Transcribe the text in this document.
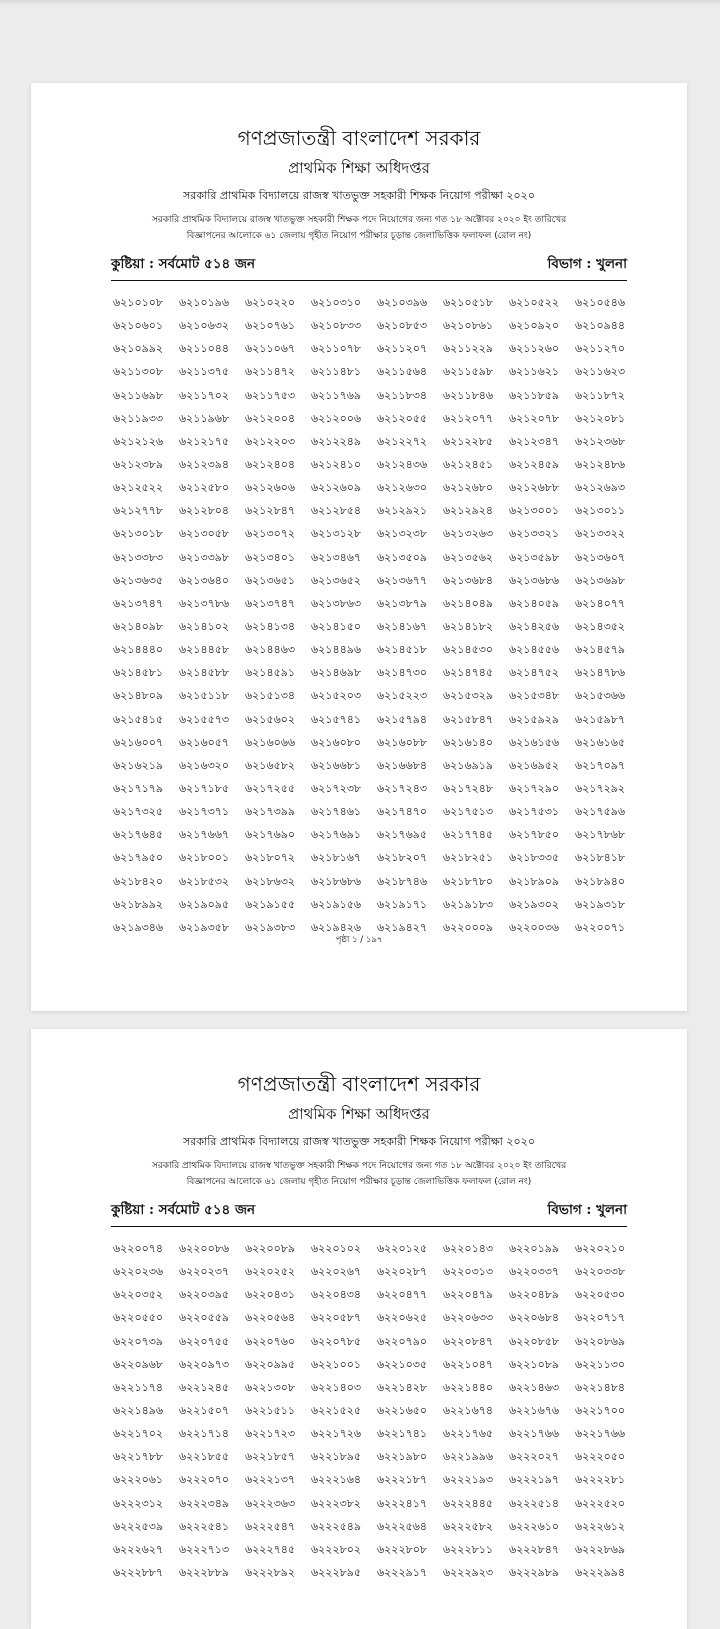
গণপ্রজাতন্ত্রী বাংলাদেশ সরকার
প্রাথমিক শিক্ষা অধিদপ্তর
সরকারি প্রাথমিক বিদ্যালয়ে রাজস্ব খাতভুক্ত সহকারী শিক্ষক নিয়োগ পরীক্ষা ২০২০
সরকারি প্রাথমিক বিদ্যালয়ে রাজস্ব খাতভুক্ত সহকারী শিক্ষক পদে নিয়োগের জন্য গত ১৮ অক্টোবর ২০২০ ইং তারিখের
বিজ্ঞাপনের আলোকে ৬১ জেলায় গৃহীত নিয়োগ পরীক্ষার চূড়ান্ত জেলাভিত্তিক ফলাফল (রোল নং)
কুষ্টিয়া : সর্বমোট ৫১৪ জন	বিভাগ : খুলনা
৬২১০১০৮	৬২১০১৯৬	৬২১০২২০	৬২১০৩১০	৬২১০৩৯৬	৬২১০৫১৮	৬২১০৫২২	৬২১০৫৪৬
৬২১০৬০১	৬২১০৬৩২	৬২১০৭৬১	৬২১০৮৩৩	৬২১০৮৫৩	৬২১০৮৬১	৬২১০৯২০	৬২১০৯৪৪
৬২১০৯৯২	৬২১১০৪৪	৬২১১০৬৭	৬২১১০৭৮	৬২১১২০৭	৬২১১২২৯	৬২১১২৬০	৬২১১২৭০
৬২১১৩০৮	৬২১১৩৭৫	৬২১১৪৭২	৬২১১৪৮১	৬২১১৫৬৪	৬২১১৫৯৮	৬২১১৬২১	৬২১১৬২৩
৬২১১৬৯৮	৬২১১৭০২	৬২১১৭৫৩	৬২১১৭৬৯	৬২১১৮৩৪	৬২১১৮৪৬	৬২১১৮৫৯	৬২১১৮৭২
৬২১১৯৩৩	৬২১১৯৬৮	৬২১২০০৪	৬২১২০০৬	৬২১২০৫৫	৬২১২০৭৭	৬২১২০৭৮	৬২১২০৮১
৬২১২১২৬	৬২১২১৭৫	৬২১২২০৩	৬২১২২৪৯	৬২১২২৭২	৬২১২২৮৫	৬২১২৩৪৭	৬২১২৩৬৮
৬২১২৩৮৯	৬২১২৩৯৪	৬২১২৪০৪	৬২১২৪১০	৬২১২৪৩৬	৬২১২৪৫১	৬২১২৪৫৯	৬২১২৪৮৬
৬২১২৫২২	৬২১২৫৮০	৬২১২৬০৬	৬২১২৬০৯	৬২১২৬৩০	৬২১২৬৮০	৬২১২৬৮৮	৬২১২৬৯৩
৬২১২৭৭৮	৬২১২৮০৪	৬২১২৮৪৭	৬২১২৮৫৪	৬২১২৯২১	৬২১২৯২৪	৬২১৩০০১	৬২১৩০১১
৬২১৩০১৮	৬২১৩০৫৮	৬২১৩০৭২	৬২১৩১২৮	৬২১৩২৩৮	৬২১৩২৬৩	৬২১৩৩২১	৬২১৩৩২২
৬২১৩৩৮৩	৬২১৩৩৯৮	৬২১৩৪০১	৬২১৩৪৬৭	৬২১৩৫০৯	৬২১৩৫৬২	৬২১৩৫৯৮	৬২১৩৬০৭
৬২১৩৬৩৫	৬২১৩৬৪০	৬২১৩৬৫১	৬২১৩৬৫২	৬২১৩৬৭৭	৬২১৩৬৮৪	৬২১৩৬৮৬	৬২১৩৬৯৮
৬২১৩৭৪৭	৬২১৩৭৮৬	৬২১৩৭৪৭	৬২১৩৮৬৩	৬২১৩৮৭৯	৬২১৪০৪৯	৬২১৪০৫৯	৬২১৪০৭৭
৬২১৪০৯৮	৬২১৪১০২	৬২১৪১৩৪	৬২১৪১৫০	৬২১৪১৬৭	৬২১৪১৮২	৬২১৪২৫৬	৬২১৪৩৫২
৬২১৪৪৪০	৬২১৪৪৫৮	৬২১৪৪৬৩	৬২১৪৪৯৬	৬২১৪৫১৮	৬২১৪৫৩০	৬২১৪৫৫৬	৬২১৪৫৭৯
৬২১৪৫৮১	৬২১৪৫৮৮	৬২১৪৫৯১	৬২১৪৬৯৮	৬২১৪৭৩০	৬২১৪৭৪৫	৬২১৪৭৫২	৬২১৪৭৮৬
৬২১৪৮০৯	৬২১৫১১৮	৬২১৫১৩৪	৬২১৫২০৩	৬২১৫২২৩	৬২১৫৩২৯	৬২১৫৩৪৮	৬২১৫৩৬৬
৬২১৫৪১৫	৬২১৫৫৭৩	৬২১৫৬০২	৬২১৫৭৪১	৬২১৫৭৯৪	৬২১৫৮৪৭	৬২১৫৯২৯	৬২১৫৯৮৭
৬২১৬০০৭	৬২১৬০৫৭	৬২১৬০৬৬	৬২১৬০৮০	৬২১৬০৮৮	৬২১৬১৪০	৬২১৬১৫৬	৬২১৬১৬৫
৬২১৬২১৯	৬২১৬৩২০	৬২১৬৫৮২	৬২১৬৬৮১	৬২১৬৬৮৪	৬২১৬৯১৯	৬২১৬৯৫২	৬২১৭০৯৭
৬২১৭১৭৯	৬২১৭১৮৫	৬২১৭২৫৫	৬২১৭২৩৮	৬২১৭২৪৩	৬২১৭২৪৮	৬২১৭২৯০	৬২১৭২৯২
৬২১৭৩২৫	৬২১৭৩৭১	৬২১৭৩৯৯	৬২১৭৪৬১	৬২১৭৪৭০	৬২১৭৫১৩	৬২১৭৫৩১	৬২১৭৫৯৬
৬২১৭৬৪৫	৬২১৭৬৬৭	৬২১৭৬৯০	৬২১৭৬৯১	৬২১৭৬৯৫	৬২১৭৭৪৫	৬২১৭৮৫০	৬২১৭৮৬৮
৬২১৭৯৫০	৬২১৮০০১	৬২১৮০৭২	৬২১৮১৬৭	৬২১৮২০৭	৬২১৮২৫১	৬২১৮৩৩৫	৬২১৮৪১৮
৬২১৮৪২০	৬২১৮৫৩২	৬২১৮৬৩২	৬২১৮৬৮৬	৬২১৮৭৪৬	৬২১৮৭৮০	৬২১৮৯০৯	৬২১৮৯৪০
৬২১৮৯৯২	৬২১৯০৯৫	৬২১৯১৫৫	৬২১৯১৫৬	৬২১৯১৭১	৬২১৯১৮৩	৬২১৯৩০২	৬২১৯৩১৮
৬২১৯৩৪৬	৬২১৯৩৫৮	৬২১৯৩৮৩	৬২১৯৪২৬	৬২১৯৪২৭	৬২২০০০৯	৬২২০০৩৬	৬২২০০৭১
পৃষ্ঠা ১ / ১৯৭
গণপ্রজাতন্ত্রী বাংলাদেশ সরকার
প্রাথমিক শিক্ষা অধিদপ্তর
সরকারি প্রাথমিক বিদ্যালয়ে রাজস্ব খাতভুক্ত সহকারী শিক্ষক নিয়োগ পরীক্ষা ২০২০
সরকারি প্রাথমিক বিদ্যালয়ে রাজস্ব খাতভুক্ত সহকারী শিক্ষক পদে নিয়োগের জন্য গত ১৮ অক্টোবর ২০২০ ইং তারিখের
বিজ্ঞাপনের আলোকে ৬১ জেলায় গৃহীত নিয়োগ পরীক্ষার চূড়ান্ত জেলাভিত্তিক ফলাফল (রোল নং)
কুষ্টিয়া : সর্বমোট ৫১৪ জন	বিভাগ : খুলনা
৬২২০০৭৪	৬২২০০৮৬	৬২২০০৮৯	৬২২০১০২	৬২২০১২৫	৬২২০১৪৩	৬২২০১৯৯	৬২২০২১০
৬২২০২৩৬	৬২২০২৩৭	৬২২০২৫২	৬২২০২৬৭	৬২২০২৮৭	৬২২০৩১৩	৬২২০৩৩৭	৬২২০৩৩৮
৬২২০৩৫২	৬২২০৩৯৫	৬২২০৪৩১	৬২২০৪৩৪	৬২২০৪৭৭	৬২২০৪৭৯	৬২২০৪৮৯	৬২২০৫৩০
৬২২০৫৫০	৬২২০৫৫৯	৬২২০৫৬৪	৬২২০৫৮৭	৬২২০৬২৫	৬২২০৬৩৩	৬২২০৬৮৪	৬২২০৭১৭
৬২২০৭৩৯	৬২২০৭৫৫	৬২২০৭৬০	৬২২০৭৮৫	৬২২০৭৯০	৬২২০৮৪৭	৬২২০৮৫৮	৬২২০৮৬৯
৬২২০৯৬৮	৬২২০৯৭৩	৬২২০৯৯৫	৬২২১০০১	৬২২১০৩৫	৬২২১০৪৭	৬২২১০৮৯	৬২২১১৩০
৬২২১১৭৪	৬২২১২৪৫	৬২২১৩০৮	৬২২১৪০৩	৬২২১৪২৮	৬২২১৪৪০	৬২২১৪৬৩	৬২২১৪৮৪
৬২২১৪৯৬	৬২২১৫০৭	৬২২১৫১১	৬২২১৫২৫	৬২২১৬৫০	৬২২১৬৭৪	৬২২১৬৭৬	৬২২১৭০০
৬২২১৭০২	৬২২১৭১৪	৬২২১৭২৩	৬২২১৭২৬	৬২২১৭৪১	৬২২১৭৬৫	৬২২১৭৬৬	৬২২১৭৬৬
৬২২১৭৮৮	৬২২১৮৫৫	৬২২১৮৫৭	৬২২১৮৯৫	৬২২১৯৮০	৬২২১৯৯৬	৬২২২০২৭	৬২২২০৫০
৬২২২০৬১	৬২২২০৭০	৬২২২১৩৭	৬২২২১৬৪	৬২২২১৮৭	৬২২২১৯৩	৬২২২১৯৭	৬২২২২৮১
৬২২২৩১২	৬২২২৩৪৯	৬২২২৩৬৩	৬২২২৩৮২	৬২২২৪১৭	৬২২২৪৪৫	৬২২২৫১৪	৬২২২৫২০
৬২২২৫৩৯	৬২২২৫৪১	৬২২২৫৪৭	৬২২২৫৪৯	৬২২২৫৬৪	৬২২২৫৮২	৬২২২৬১০	৬২২২৬১২
৬২২২৬২৭	৬২২২৭১৩	৬২২২৭৪৫	৬২২২৮০২	৬২২২৮০৮	৬২২২৮১১	৬২২২৮৪৭	৬২২২৮৬৯
৬২২২৮৮৭	৬২২২৮৮৯	৬২২২৮৯২	৬২২২৮৯৫	৬২২২৯১৭	৬২২২৯২৩	৬২২২৯৮৯	৬২২২৯৯৪
